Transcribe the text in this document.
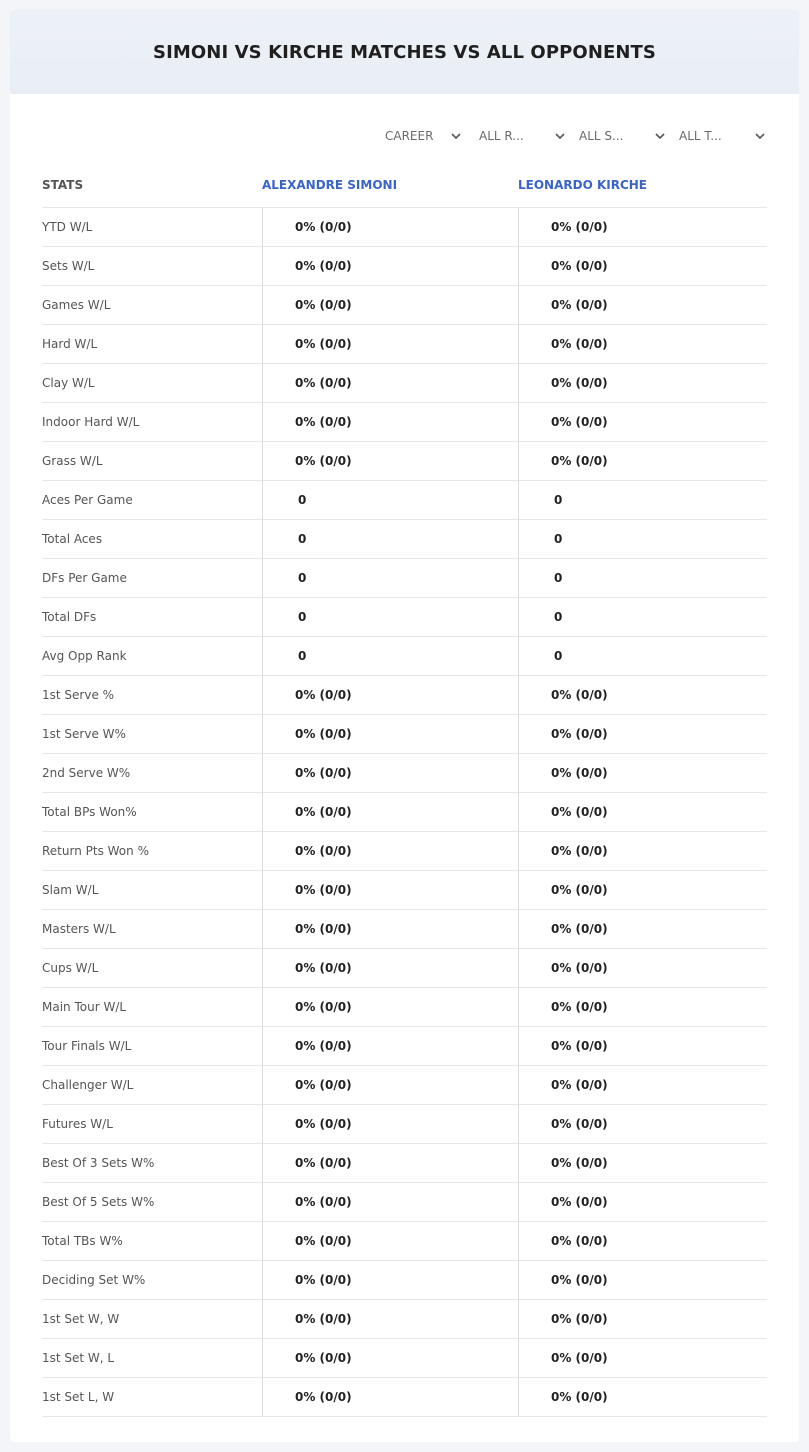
SIMONI VS KIRCHE MATCHES VS ALL OPPONENTS
CAREER	ALL R...	ALL S...	ALL T...
STATS	ALEXANDRE SIMONI	LEONARDO KIRCHE
YTD W/L	0% (0/0)	0% (0/0)
Sets W/L	0% (0/0)	0% (0/0)
Games W/L	0% (0/0)	0% (0/0)
Hard W/L	0% (0/0)	0% (0/0)
Clay W/L	0% (0/0)	0% (0/0)
Indoor Hard W/L	0% (0/0)	0% (0/0)
Grass W/L	0% (0/0)	0% (0/0)
Aces Per Game	0	0
Total Aces	0	0
DFs Per Game	0	0
Total DFs	0	0
Avg Opp Rank	0	0
1st Serve %	0% (0/0)	0% (0/0)
1st Serve W%	0% (0/0)	0% (0/0)
2nd Serve W%	0% (0/0)	0% (0/0)
Total BPs Won%	0% (0/0)	0% (0/0)
Return Pts Won %	0% (0/0)	0% (0/0)
Slam W/L	0% (0/0)	0% (0/0)
Masters W/L	0% (0/0)	0% (0/0)
Cups W/L	0% (0/0)	0% (0/0)
Main Tour W/L	0% (0/0)	0% (0/0)
Tour Finals W/L	0% (0/0)	0% (0/0)
Challenger W/L	0% (0/0)	0% (0/0)
Futures W/L	0% (0/0)	0% (0/0)
Best Of 3 Sets W%	0% (0/0)	0% (0/0)
Best Of 5 Sets W%	0% (0/0)	0% (0/0)
Total TBs W%	0% (0/0)	0% (0/0)
Deciding Set W%	0% (0/0)	0% (0/0)
1st Set W, W	0% (0/0)	0% (0/0)
1st Set W, L	0% (0/0)	0% (0/0)
1st Set L, W	0% (0/0)	0% (0/0)
